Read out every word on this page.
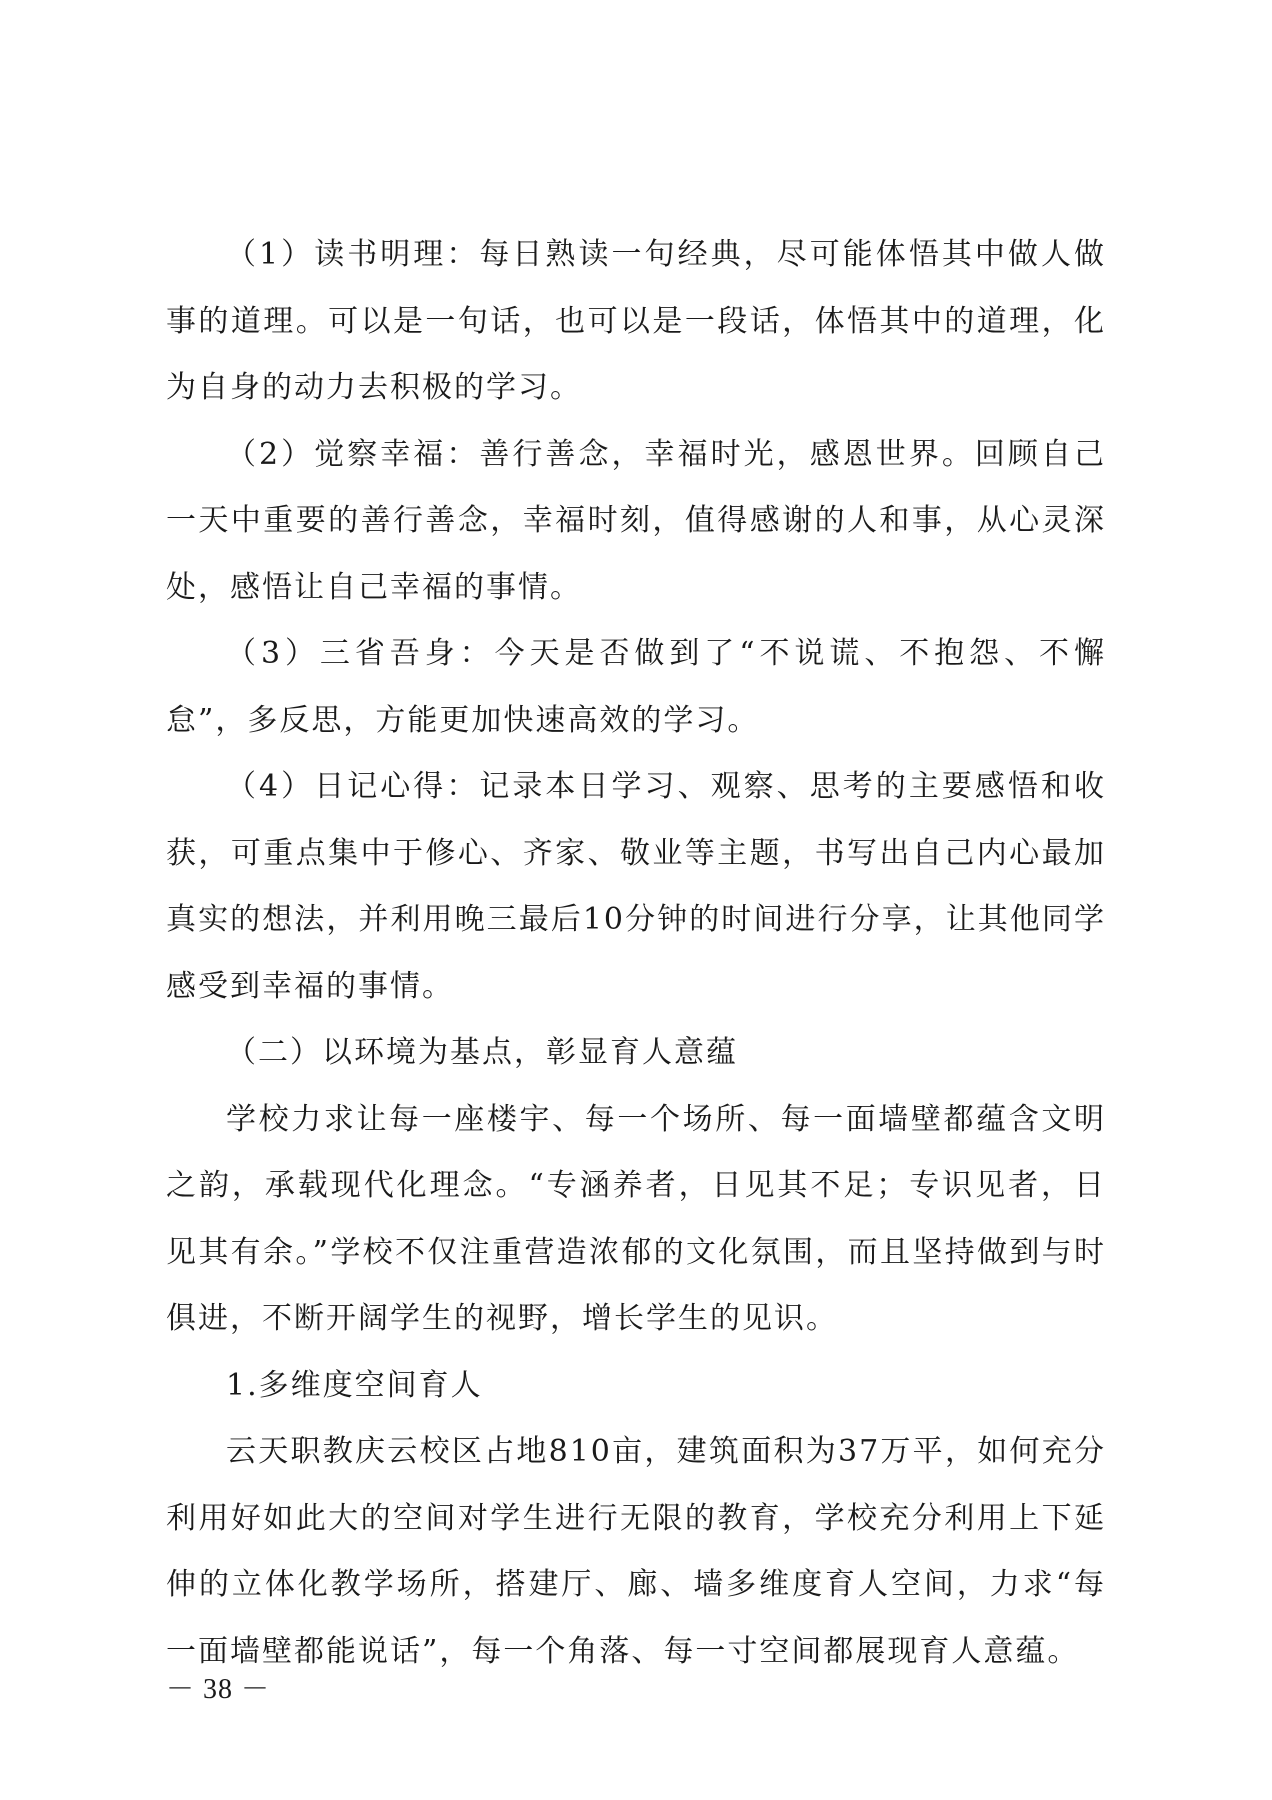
（1）读书明理：每日熟读一句经典，尽可能体悟其中做人做事的道理。可以是一句话，也可以是一段话，体悟其中的道理，化为自身的动力去积极的学习。

（2）觉察幸福：善行善念，幸福时光，感恩世界。回顾自己一天中重要的善行善念，幸福时刻，值得感谢的人和事，从心灵深处，感悟让自己幸福的事情。

（3）三省吾身：今天是否做到了“不说谎、不抱怨、不懈怠”，多反思，方能更加快速高效的学习。

（4）日记心得：记录本日学习、观察、思考的主要感悟和收获，可重点集中于修心、齐家、敬业等主题，书写出自己内心最加真实的想法，并利用晚三最后10分钟的时间进行分享，让其他同学感受到幸福的事情。

（二）以环境为基点，彰显育人意蕴

学校力求让每一座楼宇、每一个场所、每一面墙壁都蕴含文明之韵，承载现代化理念。“专涵养者，日见其不足；专识见者，日见其有余。”学校不仅注重营造浓郁的文化氛围，而且坚持做到与时俱进，不断开阔学生的视野，增长学生的见识。

1.多维度空间育人

云天职教庆云校区占地810亩，建筑面积为37万平，如何充分利用好如此大的空间对学生进行无限的教育，学校充分利用上下延伸的立体化教学场所，搭建厅、廊、墙多维度育人空间，力求“每一面墙壁都能说话”，每一个角落、每一寸空间都展现育人意蕴。

－ 38 －
